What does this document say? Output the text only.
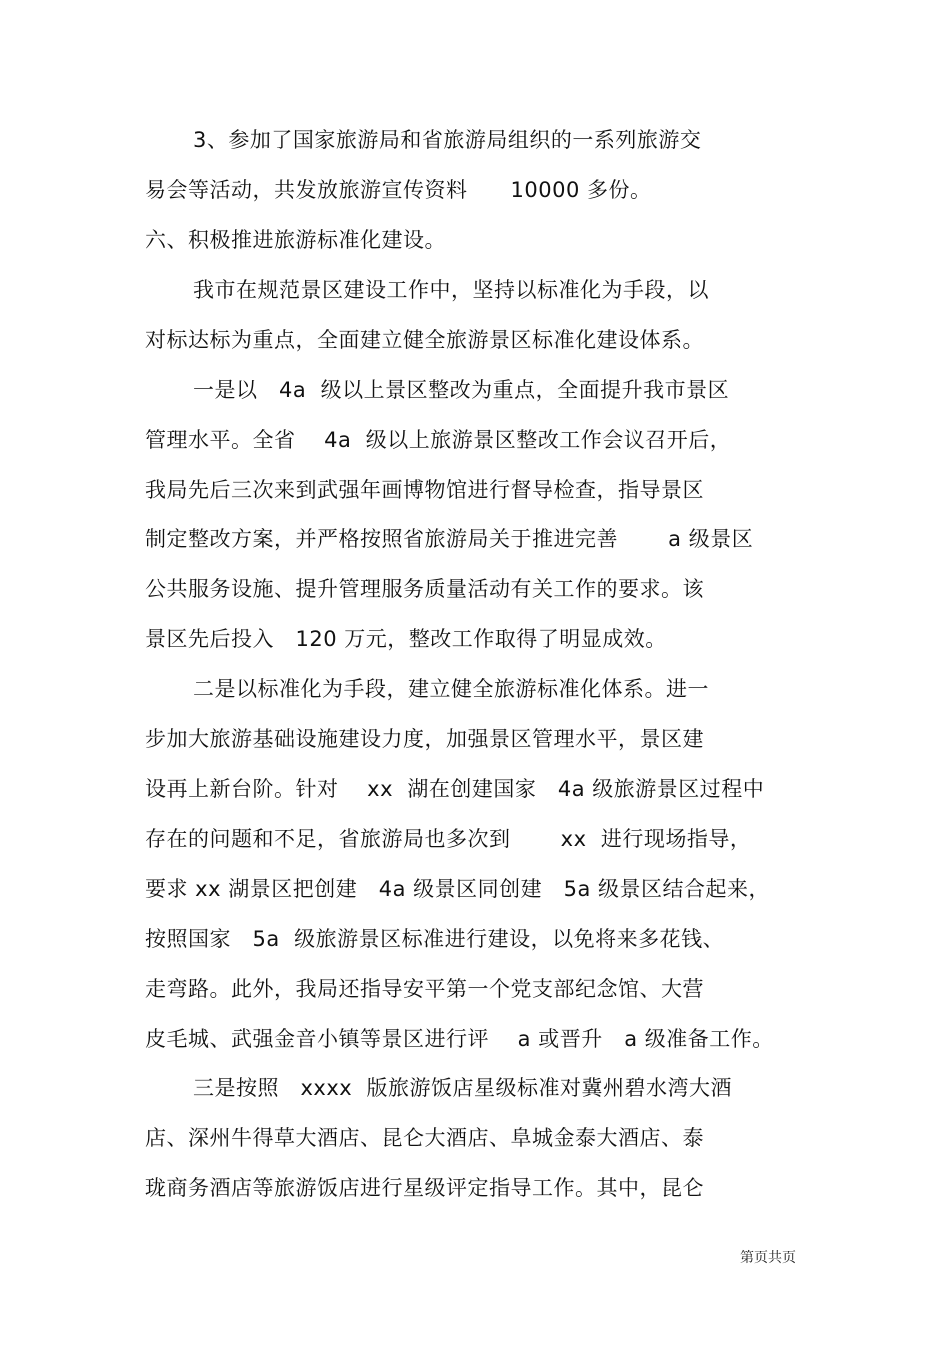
3、参加了国家旅游局和省旅游局组织的一系列旅游交
易会等活动，共发放旅游宣传资料　　10000 多份。
六、积极推进旅游标准化建设。
我市在规范景区建设工作中，坚持以标准化为手段，以
对标达标为重点，全面建立健全旅游景区标准化建设体系。
一是以　4a  级以上景区整改为重点，全面提升我市景区
管理水平。全省　 4a  级以上旅游景区整改工作会议召开后，
我局先后三次来到武强年画博物馆进行督导检查，指导景区
制定整改方案，并严格按照省旅游局关于推进完善　　 a 级景区
公共服务设施、提升管理服务质量活动有关工作的要求。该
景区先后投入　120 万元，整改工作取得了明显成效。
二是以标准化为手段，建立健全旅游标准化体系。进一
步加大旅游基础设施建设力度，加强景区管理水平，景区建
设再上新台阶。针对　 xx  湖在创建国家　4a 级旅游景区过程中
存在的问题和不足，省旅游局也多次到　　 xx  进行现场指导，
要求 xx 湖景区把创建　4a 级景区同创建　5a 级景区结合起来，
按照国家　5a  级旅游景区标准进行建设，以免将来多花钱、
走弯路。此外，我局还指导安平第一个党支部纪念馆、大营
皮毛城、武强金音小镇等景区进行评　 a 或晋升　a 级准备工作。
三是按照　xxxx  版旅游饭店星级标准对冀州碧水湾大酒
店、深州牛得草大酒店、昆仑大酒店、阜城金泰大酒店、泰
珑商务酒店等旅游饭店进行星级评定指导工作。其中，昆仑
第页共页
